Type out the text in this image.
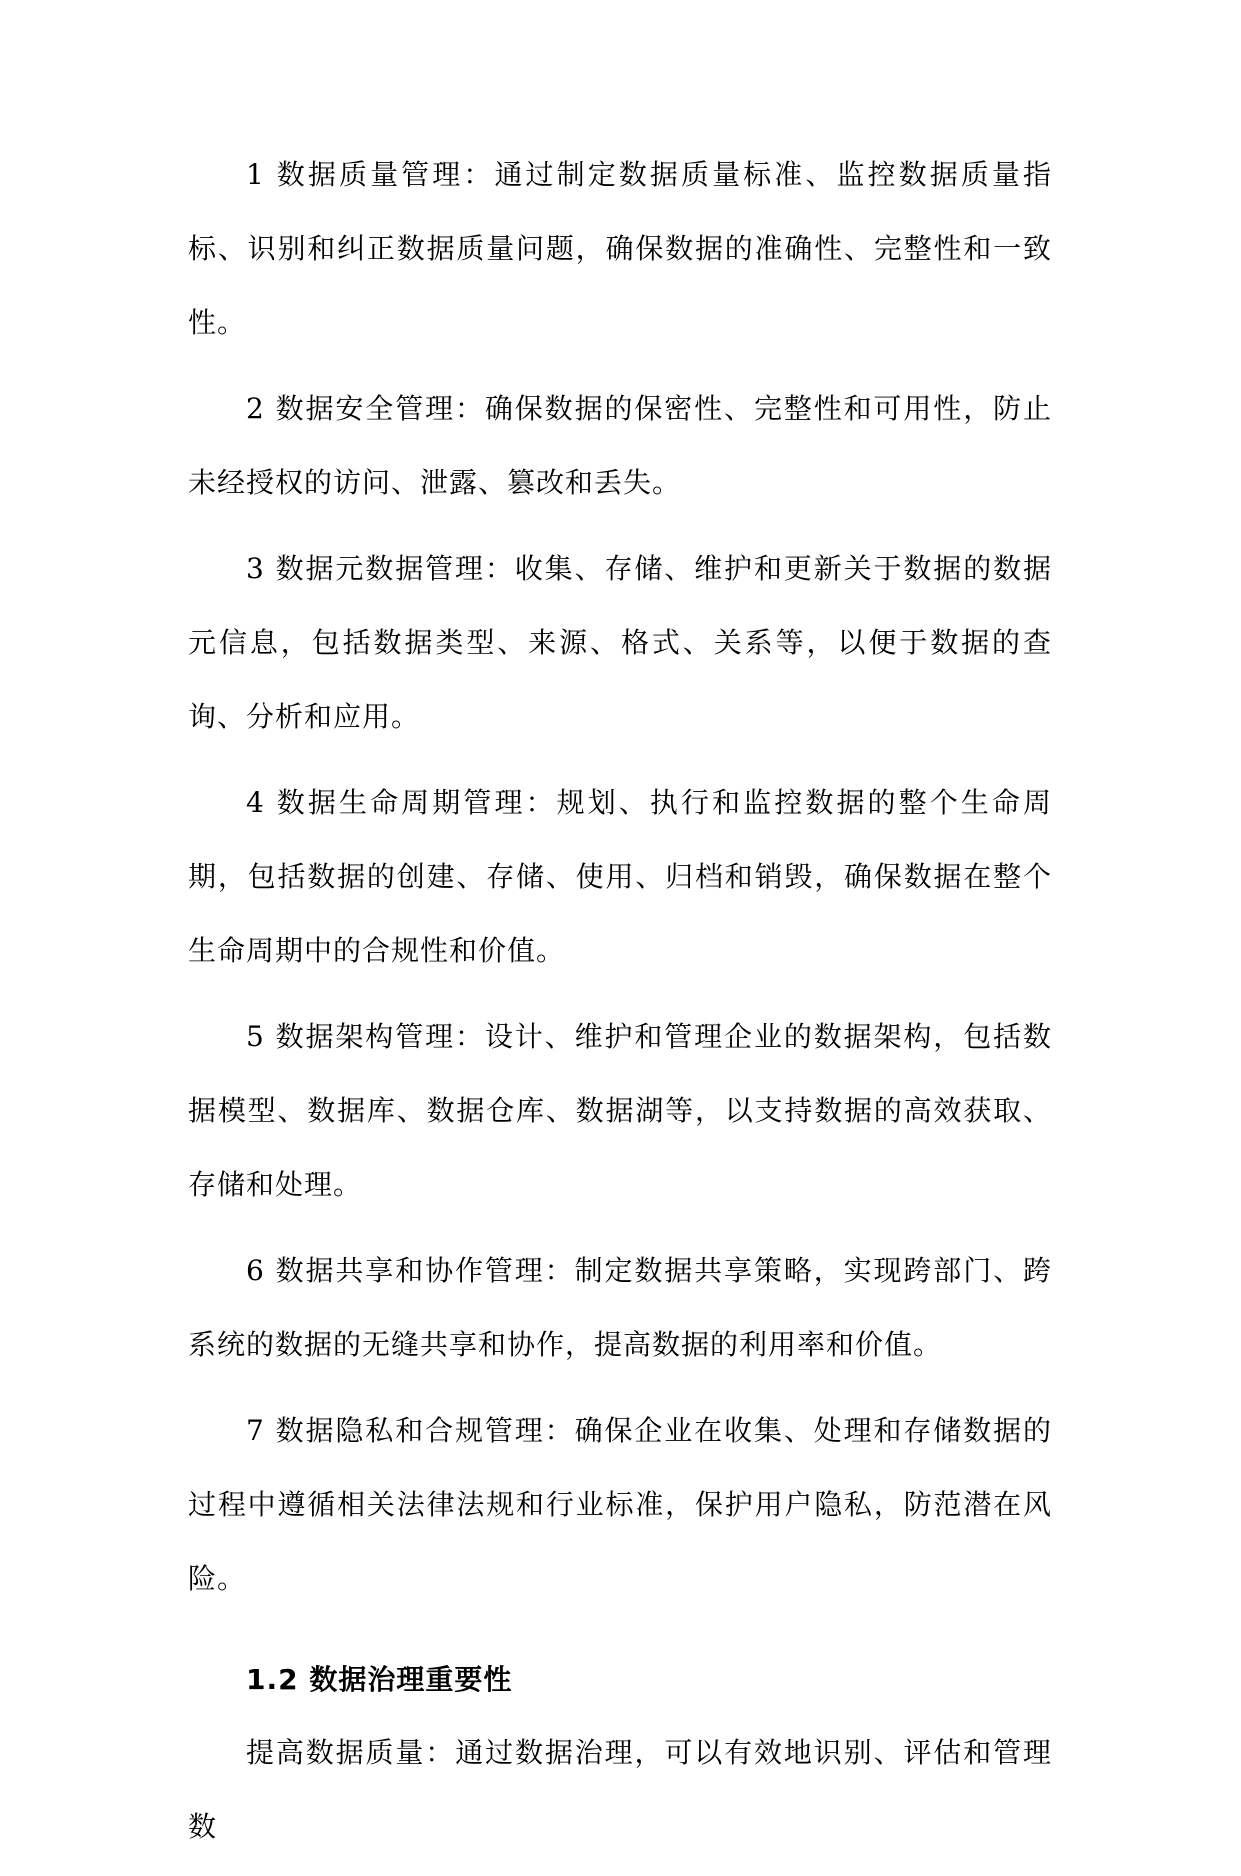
1 数据质量管理：通过制定数据质量标准、监控数据质量指标、识别和纠正数据质量问题，确保数据的准确性、完整性和一致性。

2 数据安全管理：确保数据的保密性、完整性和可用性，防止未经授权的访问、泄露、篡改和丢失。

3 数据元数据管理：收集、存储、维护和更新关于数据的数据元信息，包括数据类型、来源、格式、关系等，以便于数据的查询、分析和应用。

4 数据生命周期管理：规划、执行和监控数据的整个生命周期，包括数据的创建、存储、使用、归档和销毁，确保数据在整个生命周期中的合规性和价值。

5 数据架构管理：设计、维护和管理企业的数据架构，包括数据模型、数据库、数据仓库、数据湖等，以支持数据的高效获取、存储和处理。

6 数据共享和协作管理：制定数据共享策略，实现跨部门、跨系统的数据的无缝共享和协作，提高数据的利用率和价值。

7 数据隐私和合规管理：确保企业在收集、处理和存储数据的过程中遵循相关法律法规和行业标准，保护用户隐私，防范潜在风险。

1.2 数据治理重要性

提高数据质量：通过数据治理，可以有效地识别、评估和管理数
